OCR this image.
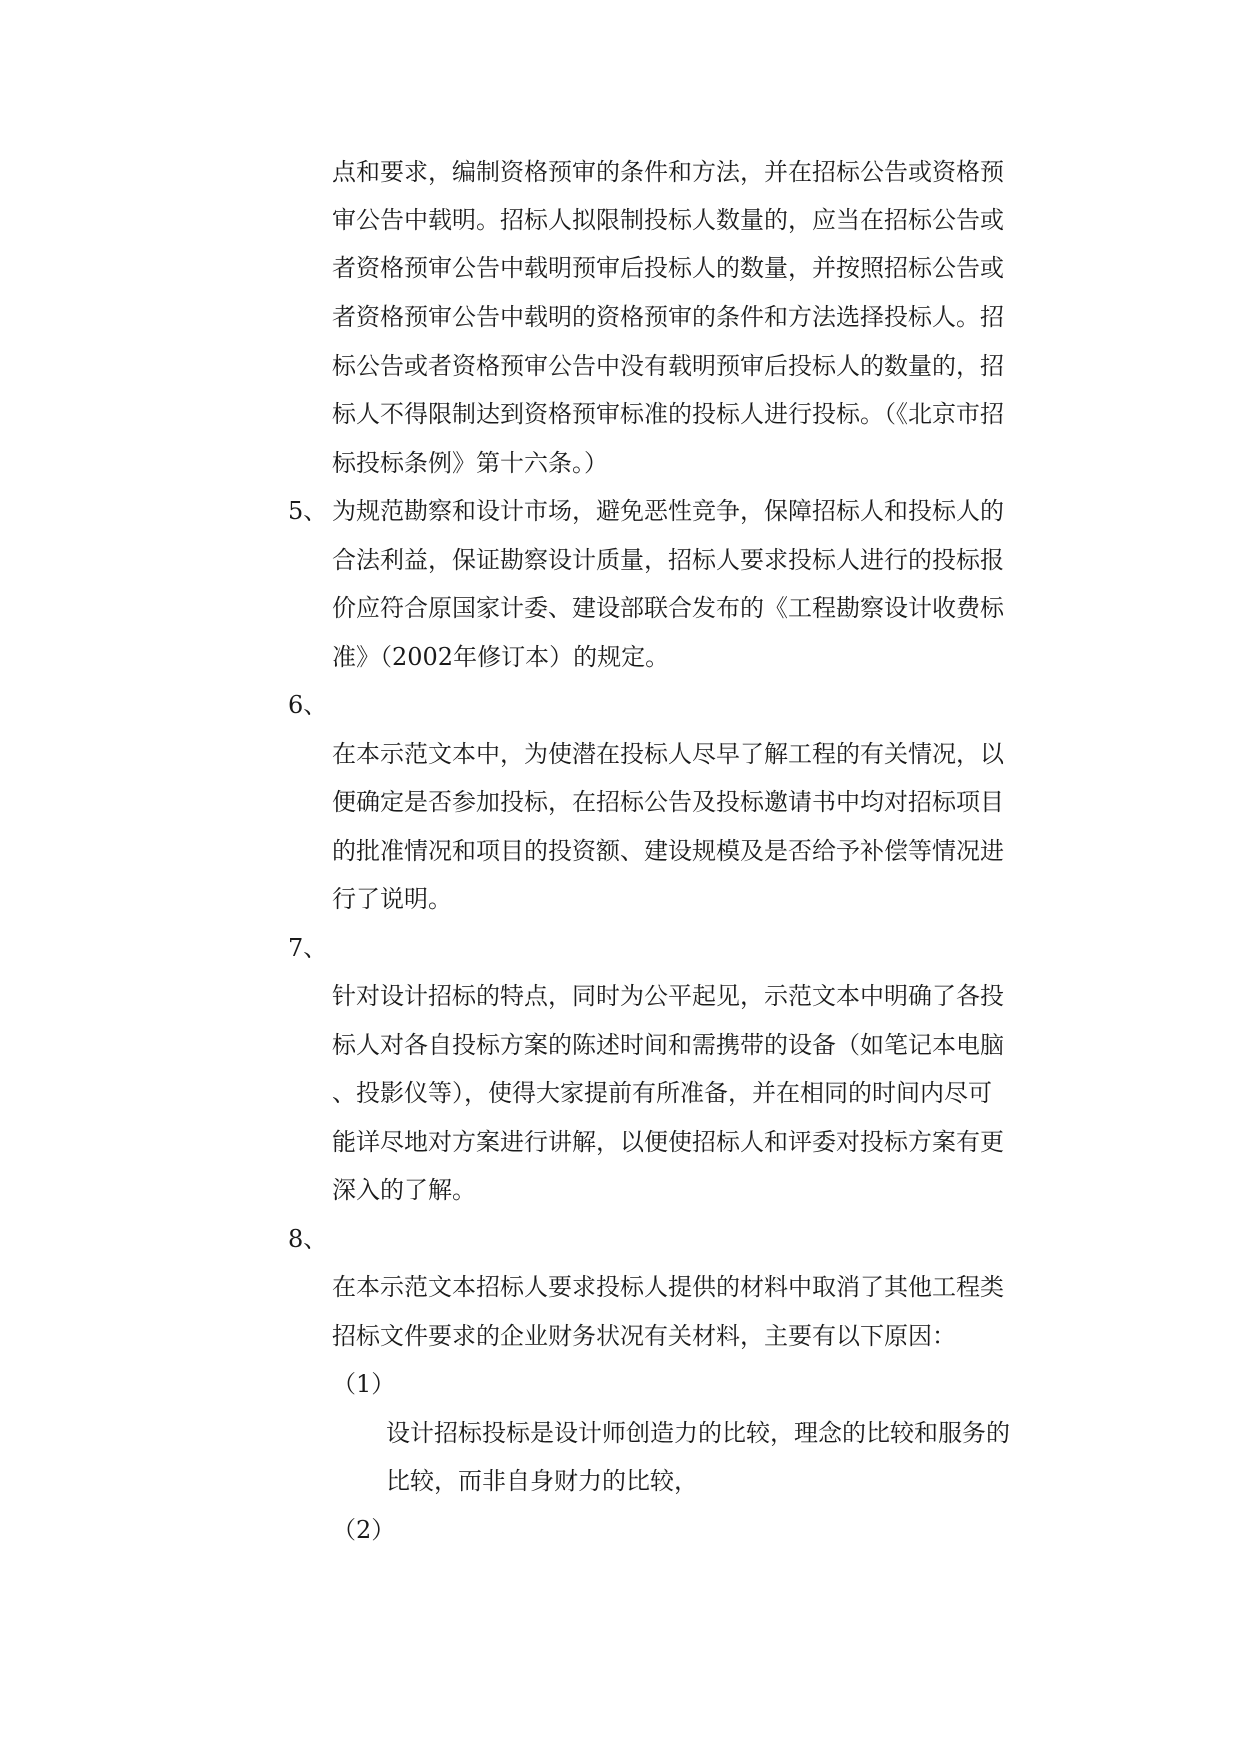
点和要求，编制资格预审的条件和方法，并在招标公告或资格预
审公告中载明。招标人拟限制投标人数量的，应当在招标公告或
者资格预审公告中载明预审后投标人的数量，并按照招标公告或
者资格预审公告中载明的资格预审的条件和方法选择投标人。招
标公告或者资格预审公告中没有载明预审后投标人的数量的，招
标人不得限制达到资格预审标准的投标人进行投标。（《北京市招
标投标条例》第十六条。）
5、 为规范勘察和设计市场，避免恶性竞争，保障招标人和投标人的
合法利益，保证勘察设计质量，招标人要求投标人进行的投标报
价应符合原国家计委、建设部联合发布的《工程勘察设计收费标
准》（2002年修订本）的规定。
6、
在本示范文本中，为使潜在投标人尽早了解工程的有关情况，以
便确定是否参加投标，在招标公告及投标邀请书中均对招标项目
的批准情况和项目的投资额、建设规模及是否给予补偿等情况进
行了说明。
7、
针对设计招标的特点，同时为公平起见，示范文本中明确了各投
标人对各自投标方案的陈述时间和需携带的设备（如笔记本电脑
、投影仪等），使得大家提前有所准备，并在相同的时间内尽可
能详尽地对方案进行讲解，以便使招标人和评委对投标方案有更
深入的了解。
8、
在本示范文本招标人要求投标人提供的材料中取消了其他工程类
招标文件要求的企业财务状况有关材料，主要有以下原因：
（1）
设计招标投标是设计师创造力的比较，理念的比较和服务的
比较，而非自身财力的比较，
（2）
